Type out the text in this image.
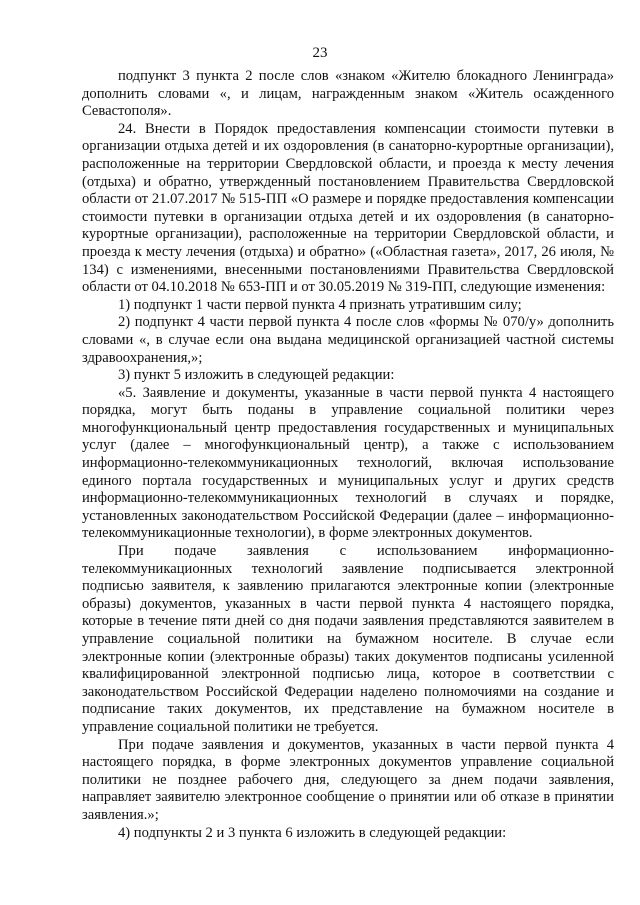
23

подпункт 3 пункта 2 после слов «знаком «Жителю блокадного Ленинграда» дополнить словами «, и лицам, награжденным знаком «Житель осажденного Севастополя».

24. Внести в Порядок предоставления компенсации стоимости путевки в организации отдыха детей и их оздоровления (в санаторно-курортные организации), расположенные на территории Свердловской области, и проезда к месту лечения (отдыха) и обратно, утвержденный постановлением Правительства Свердловской области от 21.07.2017 № 515-ПП «О размере и порядке предоставления компенсации стоимости путевки в организации отдыха детей и их оздоровления (в санаторно-курортные организации), расположенные на территории Свердловской области, и проезда к месту лечения (отдыха) и обратно» («Областная газета», 2017, 26 июля, № 134) с изменениями, внесенными постановлениями Правительства Свердловской области от 04.10.2018 № 653-ПП и от 30.05.2019 № 319-ПП, следующие изменения:

1) подпункт 1 части первой пункта 4 признать утратившим силу;

2) подпункт 4 части первой пункта 4 после слов «формы № 070/у» дополнить словами «, в случае если она выдана медицинской организацией частной системы здравоохранения,»;

3) пункт 5 изложить в следующей редакции:

«5. Заявление и документы, указанные в части первой пункта 4 настоящего порядка, могут быть поданы в управление социальной политики через многофункциональный центр предоставления государственных и муниципальных услуг (далее – многофункциональный центр), а также с использованием информационно-телекоммуникационных технологий, включая использование единого портала государственных и муниципальных услуг и других средств информационно-телекоммуникационных технологий в случаях и порядке, установленных законодательством Российской Федерации (далее – информационно-телекоммуникационные технологии), в форме электронных документов.

При подаче заявления с использованием информационно-телекоммуникационных технологий заявление подписывается электронной подписью заявителя, к заявлению прилагаются электронные копии (электронные образы) документов, указанных в части первой пункта 4 настоящего порядка, которые в течение пяти дней со дня подачи заявления представляются заявителем в управление социальной политики на бумажном носителе. В случае если электронные копии (электронные образы) таких документов подписаны усиленной квалифицированной электронной подписью лица, которое в соответствии с законодательством Российской Федерации наделено полномочиями на создание и подписание таких документов, их представление на бумажном носителе в управление социальной политики не требуется.

При подаче заявления и документов, указанных в части первой пункта 4 настоящего порядка, в форме электронных документов управление социальной политики не позднее рабочего дня, следующего за днем подачи заявления, направляет заявителю электронное сообщение о принятии или об отказе в принятии заявления.»;

4) подпункты 2 и 3 пункта 6 изложить в следующей редакции:
